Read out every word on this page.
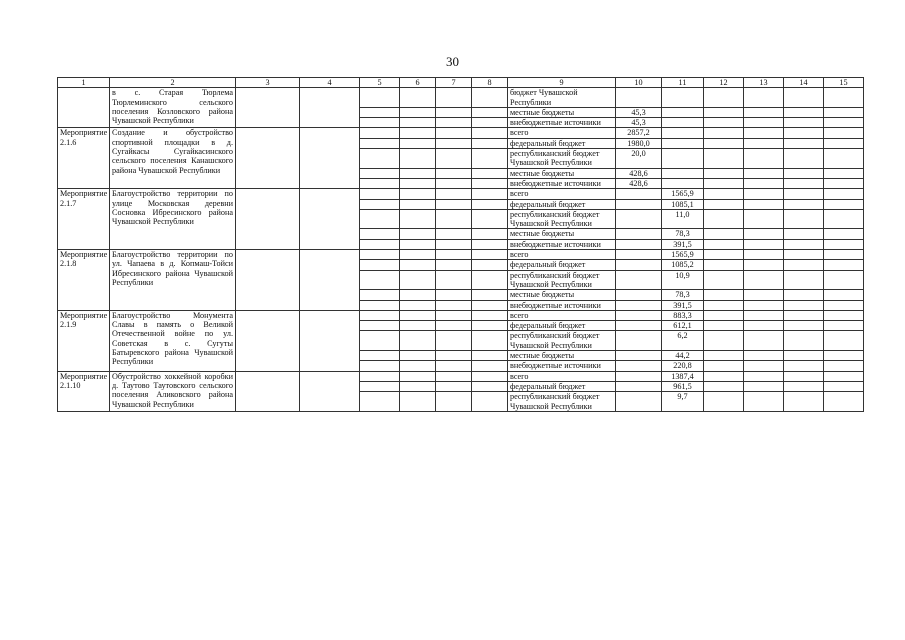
30
1	2	3	4	5	6	7	8	9	10	11	12	13	14	15
	в с. Старая Тюрлема Тюрлеминского сельского поселения Козловского района Чувашской Республики							бюджет Чувашской Республики						
								местные бюджеты	45,3					
								внебюджетные источники	45,3					
Мероприятие 2.1.6	Создание и обустройство спортивной площадки в д. Сугайкасы Сугайкасинского сельского поселения Канашского района Чувашской Республики							всего	2857,2					
								федеральный бюджет	1980,0					
								республиканский бюджет Чувашской Республики	20,0					
								местные бюджеты	428,6					
								внебюджетные источники	428,6					
Мероприятие 2.1.7	Благоустройство территории по улице Московская деревни Сосновка Ибресинского района Чувашской Республики							всего		1565,9				
								федеральный бюджет		1085,1				
								республиканский бюджет Чувашской Республики		11,0				
								местные бюджеты		78,3				
								внебюджетные источники		391,5				
Мероприятие 2.1.8	Благоустройство территории по ул. Чапаева в д. Копмаш-Тойси Ибресинского района Чувашской Республики							всего		1565,9				
								федеральный бюджет		1085,2				
								республиканский бюджет Чувашской Республики		10,9				
								местные бюджеты		78,3				
								внебюджетные источники		391,5				
Мероприятие 2.1.9	Благоустройство Монумента Славы в память о Великой Отечественной войне по ул. Советская в с. Сугуты Батыревского района Чувашской Республики							всего		883,3				
								федеральный бюджет		612,1				
								республиканский бюджет Чувашской Республики		6,2				
								местные бюджеты		44,2				
								внебюджетные источники		220,8				
Мероприятие 2.1.10	Обустройство хоккейной коробки д. Таутово Таутовского сельского поселения Аликовского района Чувашской Республики							всего		1387,4				
								федеральный бюджет		961,5				
								республиканский бюджет Чувашской Республики		9,7				
